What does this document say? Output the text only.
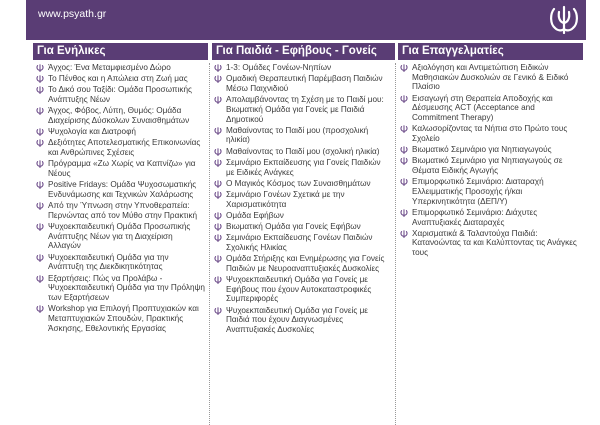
www.psyath.gr
Για Ενήλικες	Για Παιδιά - Εφήβους - Γονείς	Για Επαγγελματίες
Άγχος: Ένα Μεταμφιεσμένο Δώρο
Το Πένθος και η Απώλεια στη Ζωή μας
Το Δικό σου Ταξίδι: Ομάδα Προσωπικής Ανάπτυξης Νέων
Άγχος, Φόβος, Λύπη, Θυμός: Ομάδα Διαχείρισης Δύσκολων Συναισθημάτων
Ψυχολογία και Διατροφή
Δεξιότητες Αποτελεσματικής Επικοινωνίας και Ανθρώπινες Σχέσεις
Πρόγραμμα «Ζω Χωρίς να Καπνίζω» για Νέους
Positive Fridays: Ομάδα Ψυχοσωματικής Ενδυνάμωσης και Τεχνικών Χαλάρωσης
Από την Ύπνωση στην Υπνοθεραπεία: Περνώντας από τον Μύθο στην Πρακτική
Ψυχοεκπαιδευτική Ομάδα Προσωπικής Ανάπτυξης Νέων για τη Διαχείριση Αλλαγών
Ψυχοεκπαιδευτική Ομάδα για την Ανάπτυξη της Διεκδικητικότητας
Εξαρτήσεις: Πώς να Προλάβω - Ψυχοεκπαιδευτική Ομάδα για την Πρόληψη των Εξαρτήσεων
Workshop για Επιλογή Προπτυχιακών και Μεταπτυχιακών Σπουδών, Πρακτικής Άσκησης, Εθελοντικής Εργασίας
1-3: Ομάδες Γονέων-Νηπίων
Ομαδική Θεραπευτική Παρέμβαση Παιδιών Μέσω Παιχνιδιού
Απολαμβάνοντας τη Σχέση με το Παιδί μου: Βιωματική Ομάδα για Γονείς με Παιδιά Δημοτικού
Μαθαίνοντας το Παιδί μου (προσχολική ηλικία)
Μαθαίνοντας το Παιδί μου (σχολική ηλικία)
Σεμινάριο Εκπαίδευσης για Γονείς Παιδιών με Ειδικές Ανάγκες
Ο Μαγικός Κόσμος των Συναισθημάτων
Σεμινάριο Γονέων Σχετικά με την Χαρισματικότητα
Ομάδα Εφήβων
Βιωματική Ομάδα για Γονείς Εφήβων
Σεμινάριο Εκπαίδευσης Γονέων Παιδιών Σχολικής Ηλικίας
Ομάδα Στήριξης και Ενημέρωσης για Γονείς Παιδιών με Νευροαναπτυξιακές Δυσκολίες
Ψυχοεκπαιδευτική Ομάδα για Γονείς με Εφήβους που έχουν Αυτοκαταστροφικές Συμπεριφορές
Ψυχοεκπαιδευτική Ομάδα για Γονείς με Παιδιά που έχουν Διαγνωσμένες Αναπτυξιακές Δυσκολίες
Αξιολόγηση και Αντιμετώπιση Ειδικών Μαθησιακών Δυσκολιών σε Γενικό & Ειδικό Πλαίσιο
Εισαγωγή στη Θεραπεία Αποδοχής και Δέσμευσης ACT (Acceptance and Commitment Therapy)
Καλωσορίζοντας τα Νήπια στο Πρώτο τους Σχολείο
Βιωματικό Σεμινάριο για Νηπιαγωγούς
Βιωματικό Σεμινάριο για Νηπιαγωγούς σε Θέματα Ειδικής Αγωγής
Επιμορφωτικό Σεμινάριο: Διαταραχή Ελλειμματικής Προσοχής ή/και Υπερκινητικότητα (ΔΕΠ/Υ)
Επιμορφωτικό Σεμινάριο: Διάχυτες Αναπτυξιακές Διαταραχές
Χαρισματικά & Ταλαντούχα Παιδιά: Κατανοώντας τα και Καλύπτοντας τις Ανάγκες τους
